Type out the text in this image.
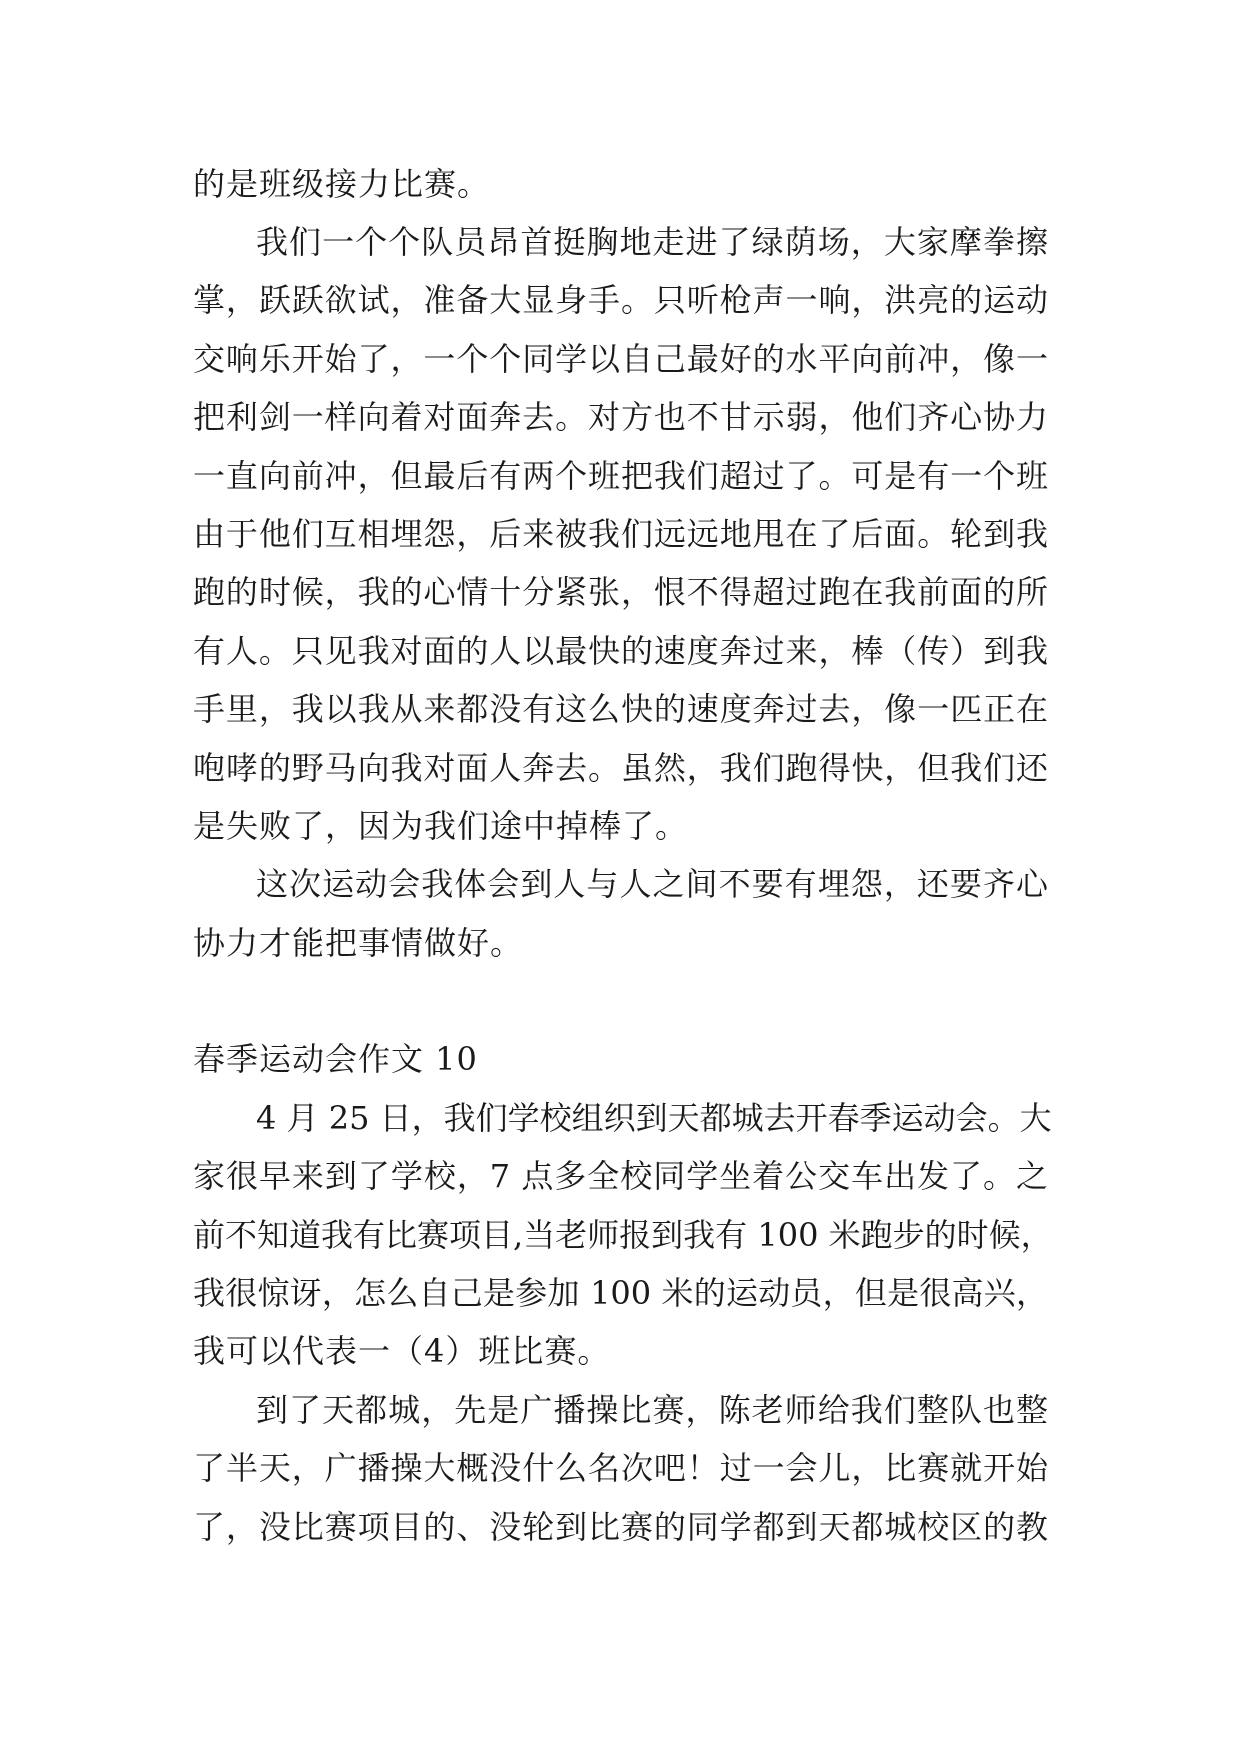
的是班级接力比赛。
我们一个个队员昂首挺胸地走进了绿荫场，大家摩拳擦
掌，跃跃欲试，准备大显身手。只听枪声一响，洪亮的运动
交响乐开始了，一个个同学以自己最好的水平向前冲，像一
把利剑一样向着对面奔去。对方也不甘示弱，他们齐心协力
一直向前冲，但最后有两个班把我们超过了。可是有一个班
由于他们互相埋怨，后来被我们远远地甩在了后面。轮到我
跑的时候，我的心情十分紧张，恨不得超过跑在我前面的所
有人。只见我对面的人以最快的速度奔过来，棒（传）到我
手里，我以我从来都没有这么快的速度奔过去，像一匹正在
咆哮的野马向我对面人奔去。虽然，我们跑得快，但我们还
是失败了，因为我们途中掉棒了。
这次运动会我体会到人与人之间不要有埋怨，还要齐心
协力才能把事情做好。
春季运动会作文 10
4 月 25 日，我们学校组织到天都城去开春季运动会。大
家很早来到了学校，7 点多全校同学坐着公交车出发了。之
前不知道我有比赛项目,当老师报到我有 100 米跑步的时候，
我很惊讶，怎么自己是参加 100 米的运动员，但是很高兴，
我可以代表一（4）班比赛。
到了天都城，先是广播操比赛，陈老师给我们整队也整
了半天，广播操大概没什么名次吧！过一会儿，比赛就开始
了，没比赛项目的、没轮到比赛的同学都到天都城校区的教
